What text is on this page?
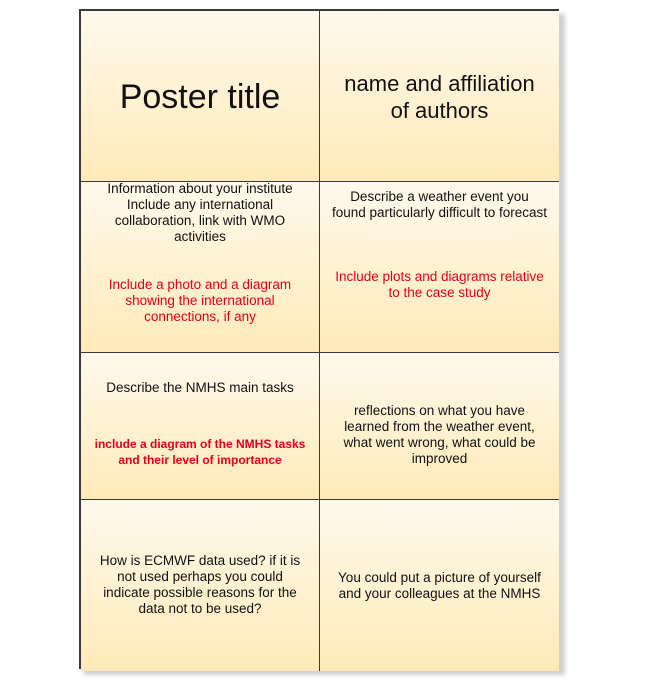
Poster title	name and affiliation
of authors
Information about your institute
Include any international
collaboration, link with WMO
activities
Include a photo and a diagram
showing the international
connections, if any
Describe a weather event you
found particularly difficult to forecast
Include plots and diagrams relative
to the case study
Describe the NMHS main tasks
include a diagram of the NMHS tasks
and their level of importance
reflections on what you have
learned from the weather event,
what went wrong, what could be
improved
How is ECMWF data used? if it is
not used perhaps you could
indicate possible reasons for the
data not to be used?
You could put a picture of yourself
and your colleagues at the NMHS
